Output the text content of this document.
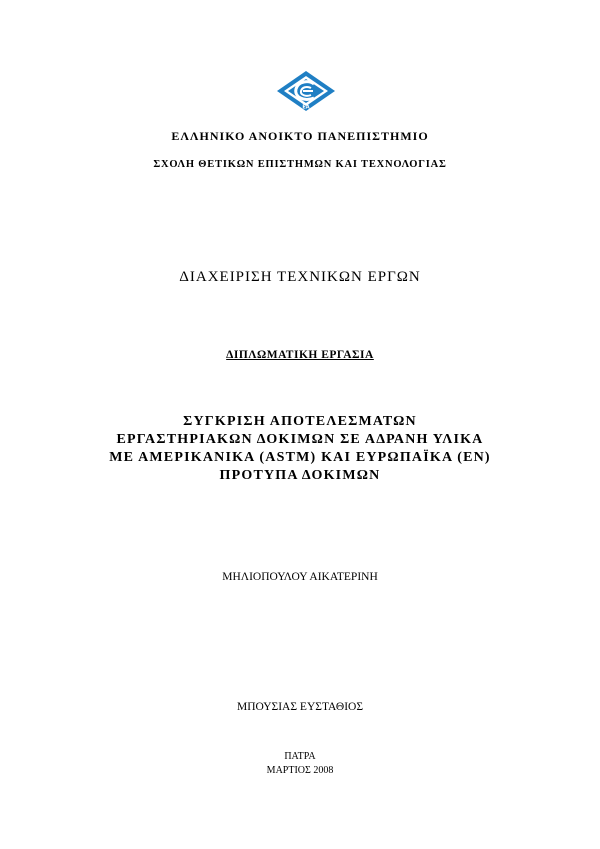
ΕΑ
ΕΛΛΗΝΙΚΟ ΑΝΟΙΚΤΟ ΠΑΝΕΠΙΣΤΗΜΙΟ
ΣΧΟΛΗ ΘΕΤΙΚΩΝ ΕΠΙΣΤΗΜΩΝ ΚΑΙ ΤΕΧΝΟΛΟΓΙΑΣ
ΔΙΑΧΕΙΡΙΣΗ ΤΕΧΝΙΚΩΝ ΕΡΓΩΝ
ΔΙΠΛΩΜΑΤΙΚΗ ΕΡΓΑΣΙΑ
ΣΥΓΚΡΙΣΗ ΑΠΟΤΕΛΕΣΜΑΤΩΝ
ΕΡΓΑΣΤΗΡΙΑΚΩΝ ΔΟΚΙΜΩΝ ΣΕ ΑΔΡΑΝΗ ΥΛΙΚΑ
ΜΕ ΑΜΕΡΙΚΑΝΙΚΑ (ASTM) ΚΑΙ ΕΥΡΩΠΑΪΚΑ (EN)
ΠΡΟΤΥΠΑ ΔΟΚΙΜΩΝ
ΜΗΛΙΟΠΟΥΛΟΥ ΑΙΚΑΤΕΡΙΝΗ
ΜΠΟΥΣΙΑΣ ΕΥΣΤΑΘΙΟΣ
ΠΑΤΡΑ
ΜΑΡΤΙΟΣ 2008
